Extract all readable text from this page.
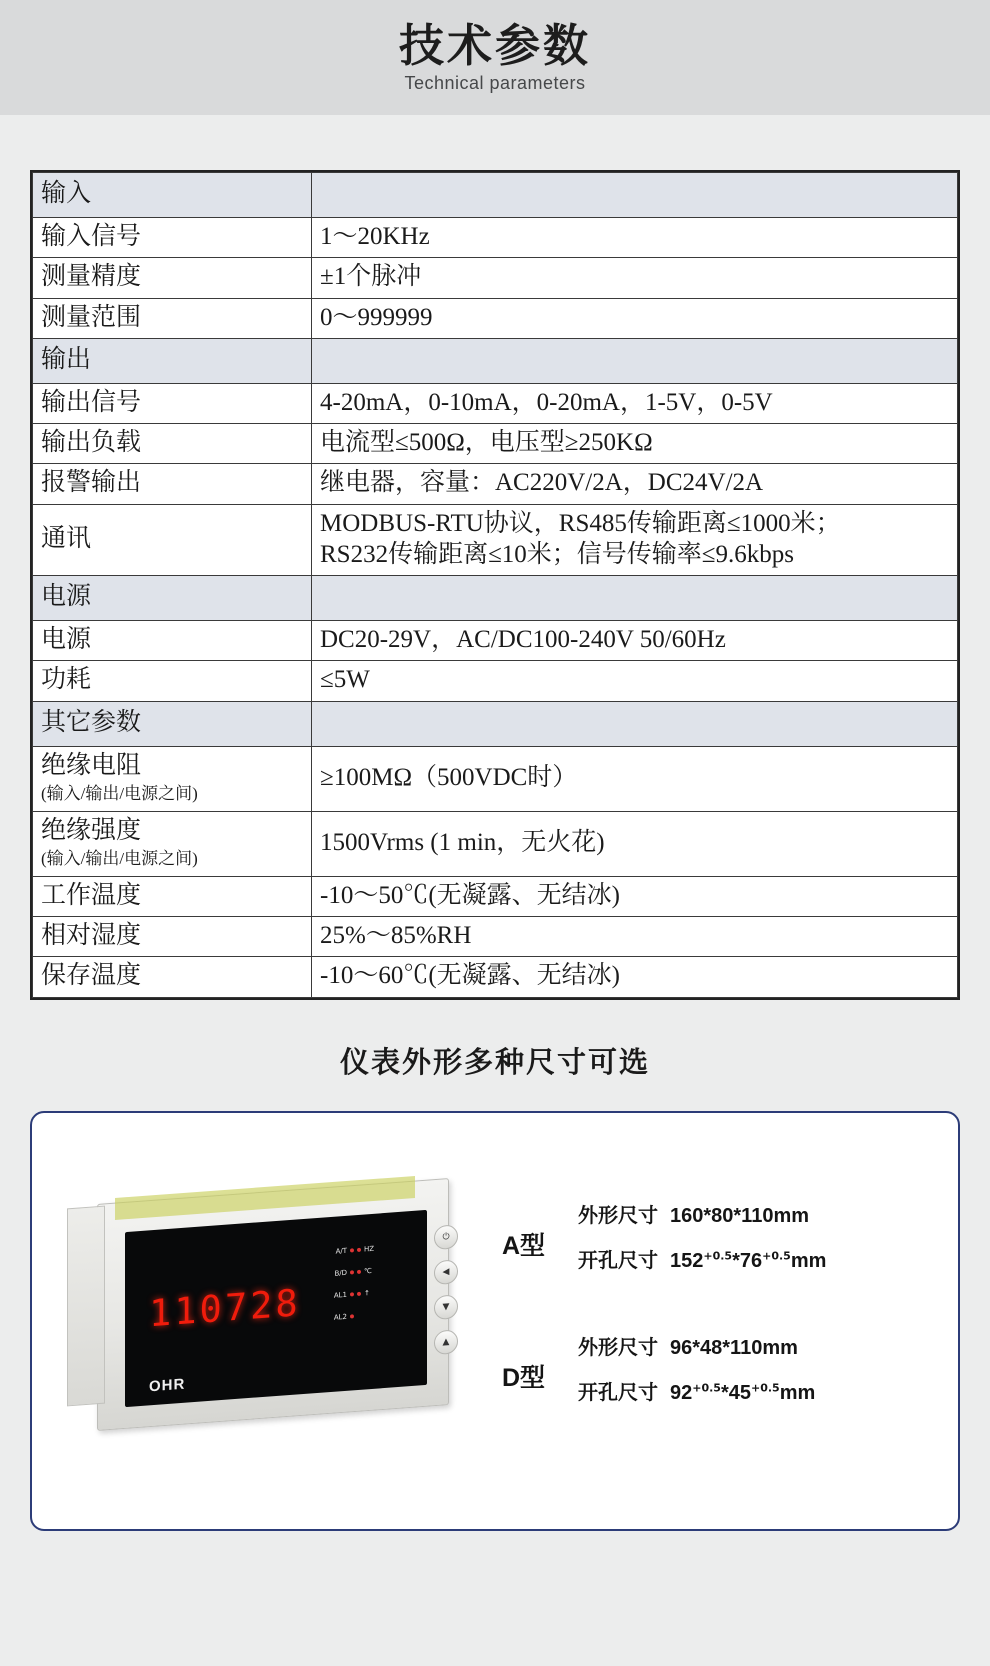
技术参数
Technical parameters
输入	
输入信号	1～20KHz
测量精度	±1个脉冲
测量范围	0～999999
输出	
输出信号	4-20mA，0-10mA，0-20mA，1-5V，0-5V
输出负载	电流型≤500Ω，电压型≥250KΩ
报警输出	继电器，容量：AC220V/2A，DC24V/2A
通讯	MODBUS-RTU协议，RS485传输距离≤1000米；
RS232传输距离≤10米；信号传输率≤9.6kbps

电源	
电源	DC20-29V，AC/DC100-240V 50/60Hz
功耗	≤5W
其它参数	
绝缘电阻
(输入/输出/电源之间)	≥100MΩ（500VDC时）
绝缘强度
(输入/输出/电源之间)	1500Vrms (1 min，无火花)
工作温度	-10～50℃(无凝露、无结冰)
相对湿度	25%～85%RH
保存温度	-10～60℃(无凝露、无结冰)
仪表外形多种尺寸可选
110728
A/T HZ
B/D ℃
AL1 ↑
AL2
OHR
⏻
◀
▼
▲
A型
外形尺寸 160*80*110mm
开孔尺寸 $152^{+0.5}*76^{+0.5}mm$
D型
外形尺寸 96*48*110mm
开孔尺寸 $92^{+0.5}*45^{+0.5}mm$
